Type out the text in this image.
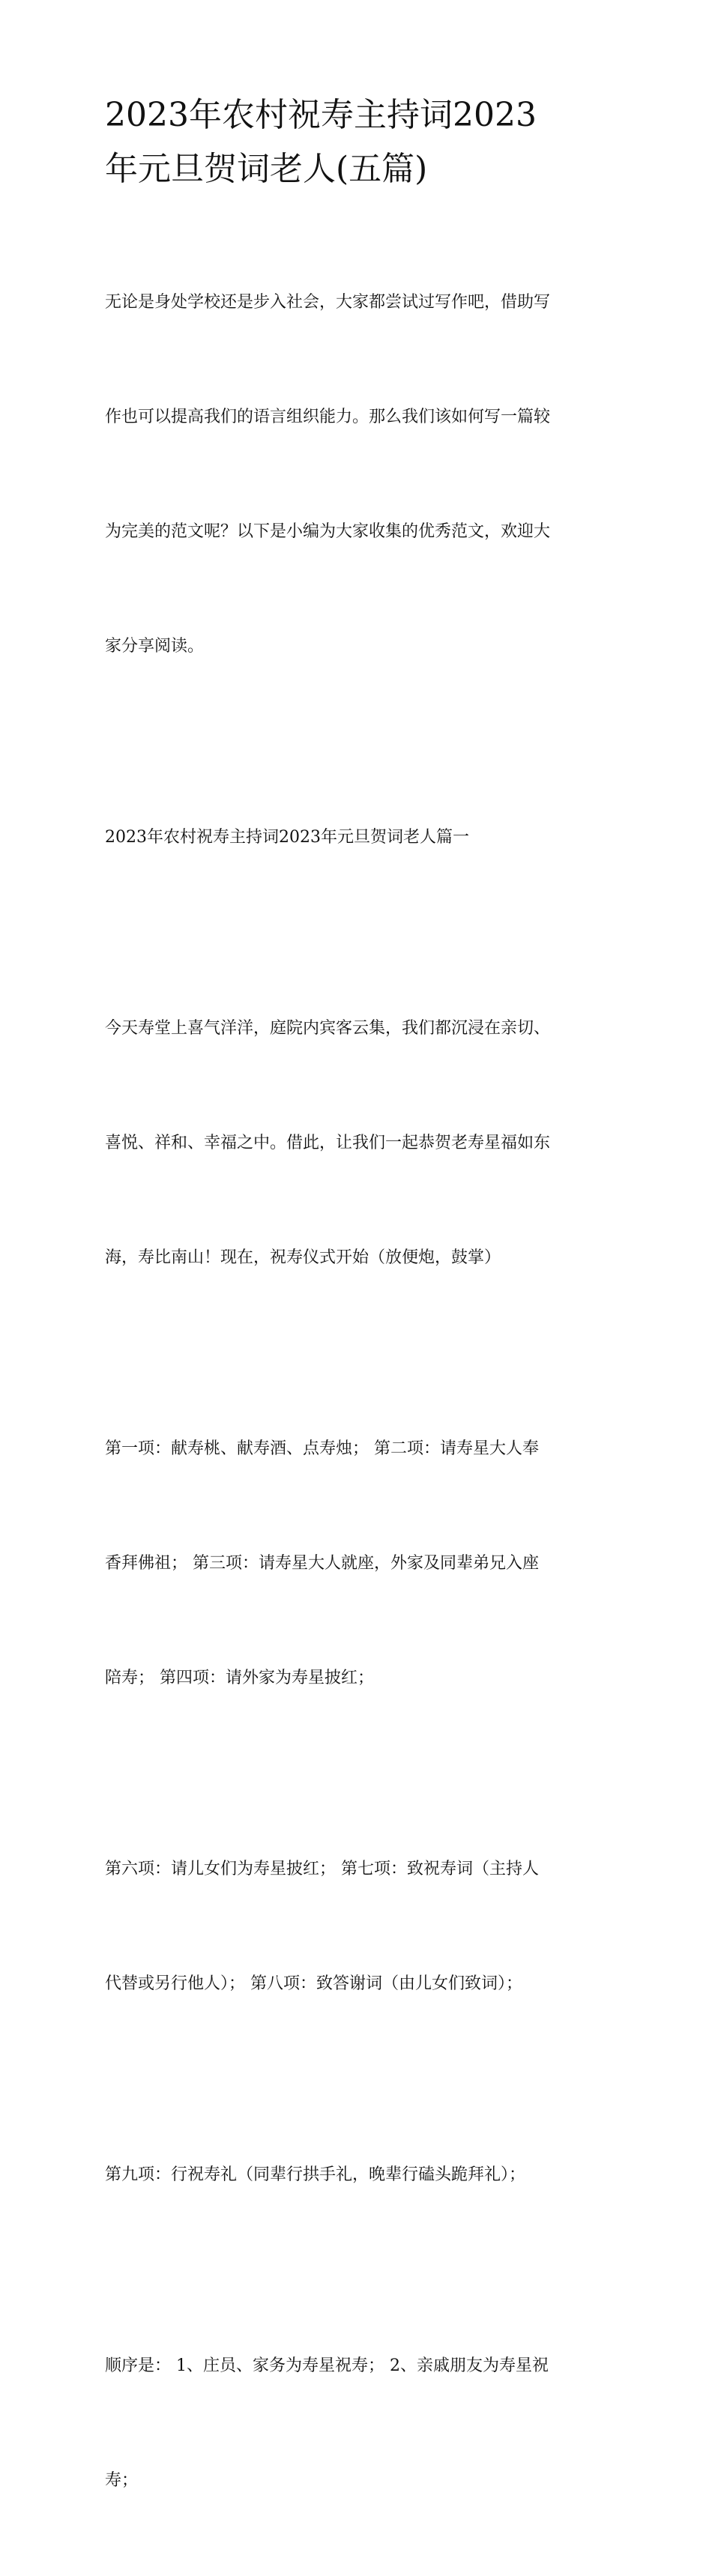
2023年农村祝寿主持词2023
年元旦贺词老人(五篇)

无论是身处学校还是步入社会，大家都尝试过写作吧，借助写

作也可以提高我们的语言组织能力。那么我们该如何写一篇较

为完美的范文呢？以下是小编为大家收集的优秀范文，欢迎大

家分享阅读。

2023年农村祝寿主持词2023年元旦贺词老人篇一

今天寿堂上喜气洋洋，庭院内宾客云集，我们都沉浸在亲切、

喜悦、祥和、幸福之中。借此，让我们一起恭贺老寿星福如东

海，寿比南山！现在，祝寿仪式开始（放便炮，鼓掌）

第一项：献寿桃、献寿酒、点寿烛； 第二项：请寿星大人奉

香拜佛祖； 第三项：请寿星大人就座，外家及同辈弟兄入座

陪寿； 第四项：请外家为寿星披红；

第六项：请儿女们为寿星披红； 第七项：致祝寿词（主持人

代替或另行他人）； 第八项：致答谢词（由儿女们致词）；

第九项：行祝寿礼（同辈行拱手礼，晚辈行磕头跪拜礼）；

顺序是： 1、庄员、家务为寿星祝寿； 2、亲戚朋友为寿星祝

寿；
